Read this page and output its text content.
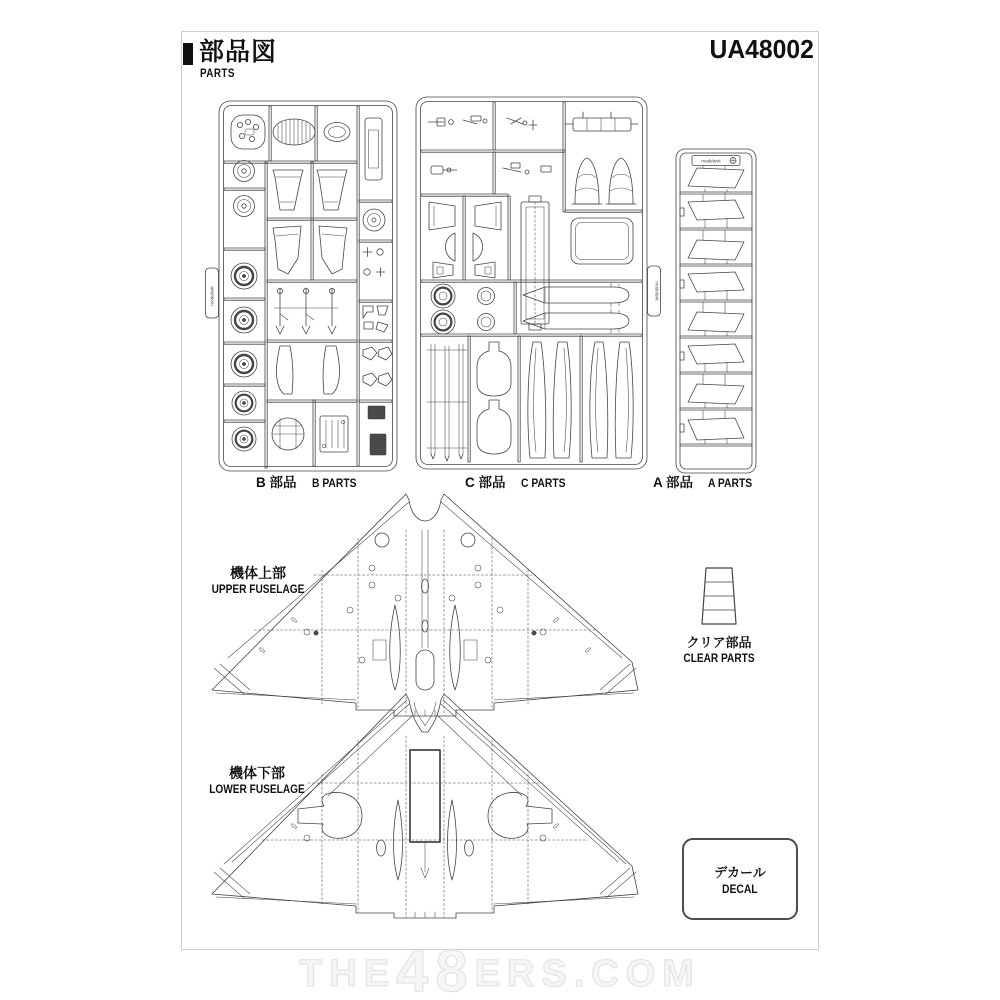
部品図
PARTS
UA48002
modelsvit	modelsvit
modelsvit
B 部品 B PARTS	C 部品 C PARTS	A 部品 A PARTS
機体上部
UPPER FUSELAGE
クリア部品
CLEAR PARTS
機体下部
LOWER FUSELAGE
デカール
DECAL
THE48ERS.COM
